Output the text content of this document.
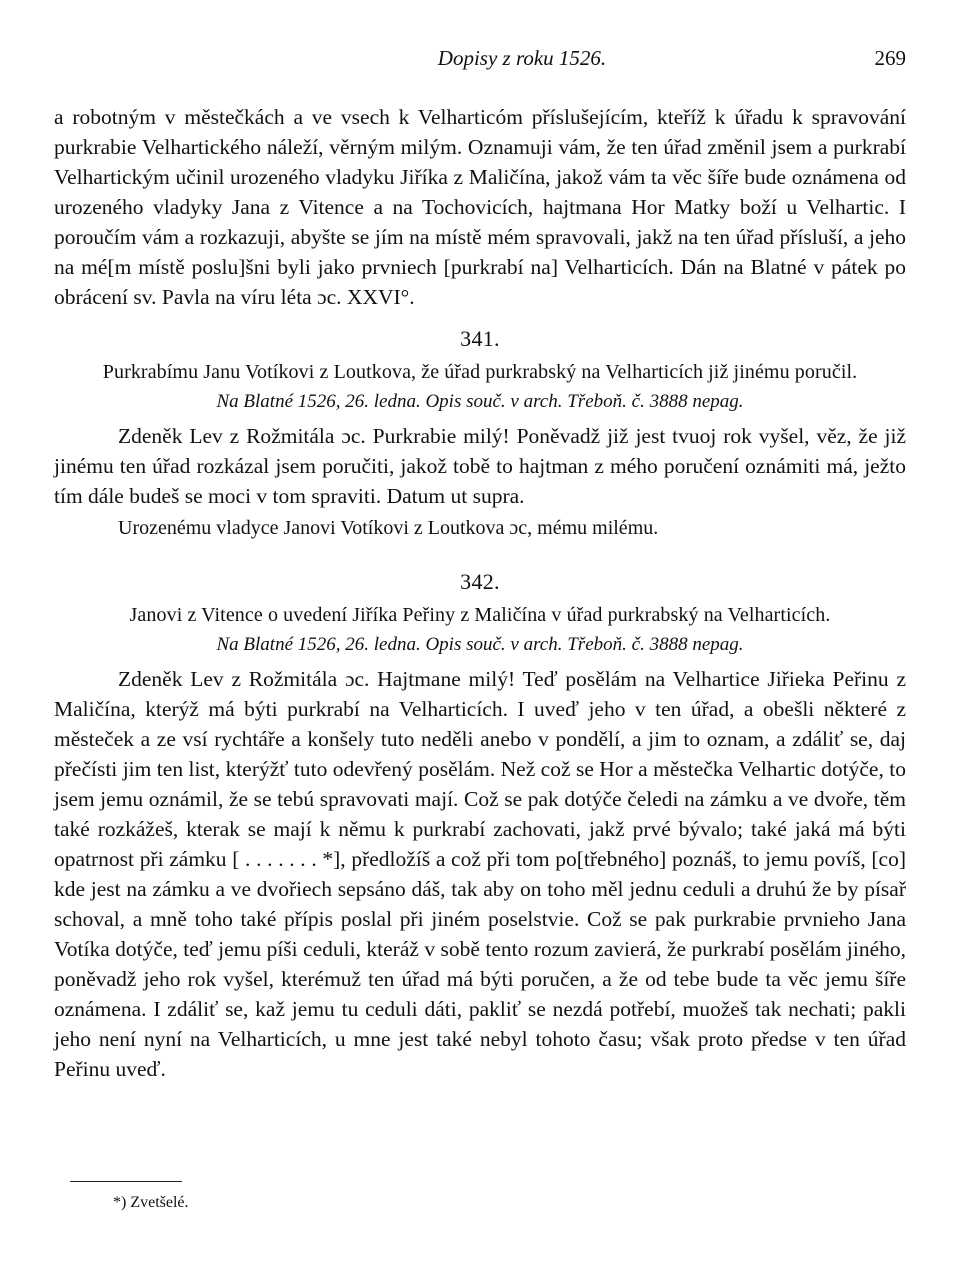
Dopisy z roku 1526.	269

a robotným v městečkách a ve vsech k Velharticóm příslušejícím, kteříž k úřadu k spravování purkrabie Velhartického náleží, věrným milým. Oznamuji vám, že ten úřad změnil jsem a purkrabí Velhartickým učinil urozeného vladyku Jiříka z Maličína, jakož vám ta věc šíře bude oznámena od urozeného vladyky Jana z Vitence a na Tochovicích, hajtmana Hor Matky boží u Velhartic. I poroučím vám a rozkazuji, abyšte se jím na místě mém spravovali, jakž na ten úřad přísluší, a jeho na mé[m místě poslu]šni byli jako prvniech [purkrabí na] Velharticích. Dán na Blatné v pátek po obrácení sv. Pavla na víru léta ɔc. XXVI°.

341.

Purkrabímu Janu Votíkovi z Loutkova, že úřad purkrabský na Velharticích již jinému poručil.

Na Blatné 1526, 26. ledna. Opis souč. v arch. Třeboň. č. 3888 nepag.

Zdeněk Lev z Rožmitála ɔc. Purkrabie milý! Poněvadž již jest tvuoj rok vyšel, věz, že již jinému ten úřad rozkázal jsem poručiti, jakož tobě to hajtman z mého poručení oznámiti má, ježto tím dále budeš se moci v tom spraviti. Datum ut supra.

Urozenému vladyce Janovi Votíkovi z Loutkova ɔc, mému milému.

342.

Janovi z Vitence o uvedení Jiříka Peřiny z Maličína v úřad purkrabský na Velharticích.

Na Blatné 1526, 26. ledna. Opis souč. v arch. Třeboň. č. 3888 nepag.

Zdeněk Lev z Rožmitála ɔc. Hajtmane milý! Teď posělám na Velhartice Jiřieka Peřinu z Maličína, kterýž má býti purkrabí na Velharticích. I uveď jeho v ten úřad, a obešli některé z městeček a ze vsí rychtáře a konšely tuto neděli anebo v pondělí, a jim to oznam, a zdáliť se, daj přečísti jim ten list, kterýžť tuto odevřený posělám. Než což se Hor a městečka Velhartic dotýče, to jsem jemu oznámil, že se tebú spravovati mají. Což se pak dotýče čeledi na zámku a ve dvoře, těm také rozkážeš, kterak se mají k němu k purkrabí zachovati, jakž prvé bývalo; také jaká má býti opatrnost při zámku [ . . . . . . . *], předložíš a což při tom po[třebného] poznáš, to jemu povíš, [co] kde jest na zámku a ve dvořiech sepsáno dáš, tak aby on toho měl jednu ceduli a druhú že by písař schoval, a mně toho také přípis poslal při jiném poselstvie. Což se pak purkrabie prvnieho Jana Votíka dotýče, teď jemu píši ceduli, kteráž v sobě tento rozum zavierá, že purkrabí posělám jiného, poněvadž jeho rok vyšel, kterémuž ten úřad má býti poručen, a že od tebe bude ta věc jemu šíře oznámena. I zdáliť se, kaž jemu tu ceduli dáti, pakliť se nezdá potřebí, muožeš tak nechati; pakli jeho není nyní na Velharticích, u mne jest také nebyl tohoto času; však proto předse v ten úřad Peřinu uveď.

*) Zvetšelé.
